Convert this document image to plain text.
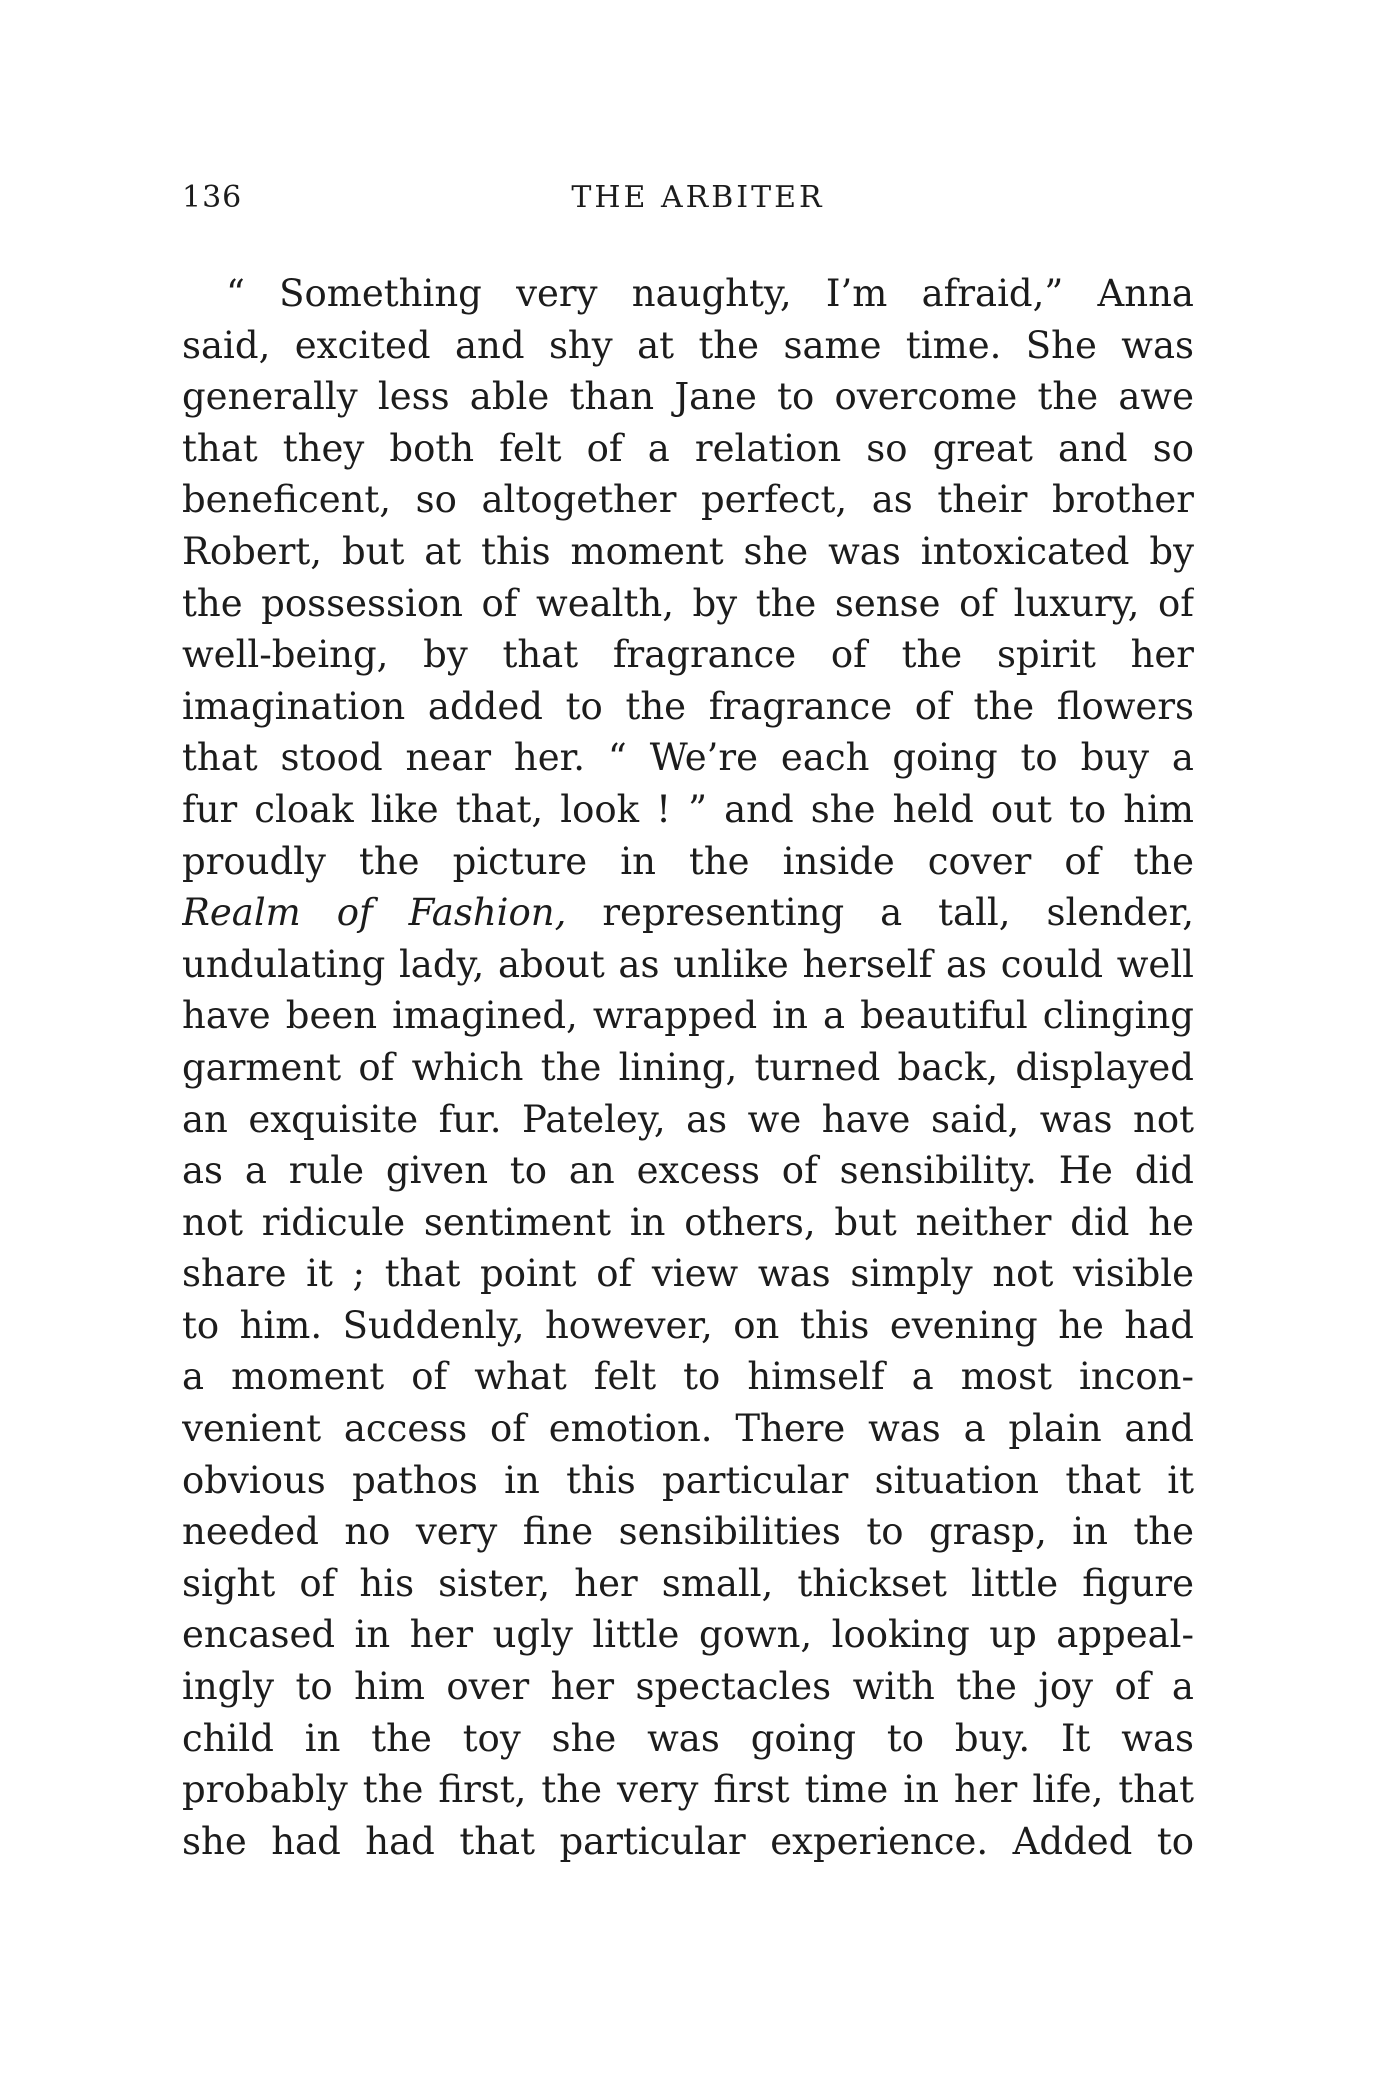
136	THE ARBITER
“ Something very naughty, I’m afraid,” Anna
said, excited and shy at the same time. She was
generally less able than Jane to overcome the awe
that they both felt of a relation so great and so
beneficent, so altogether perfect, as their brother
Robert, but at this moment she was intoxicated by
the possession of wealth, by the sense of luxury, of
well-being, by that fragrance of the spirit her
imagination added to the fragrance of the flowers
that stood near her. “ We’re each going to buy a
fur cloak like that, look ! ” and she held out to him
proudly the picture in the inside cover of the
Realm of Fashion, representing a tall, slender,
undulating lady, about as unlike herself as could well
have been imagined, wrapped in a beautiful clinging
garment of which the lining, turned back, displayed
an exquisite fur. Pateley, as we have said, was not
as a rule given to an excess of sensibility. He did
not ridicule sentiment in others, but neither did he
share it ; that point of view was simply not visible
to him. Suddenly, however, on this evening he had
a moment of what felt to himself a most incon-
venient access of emotion. There was a plain and
obvious pathos in this particular situation that it
needed no very fine sensibilities to grasp, in the
sight of his sister, her small, thickset little figure
encased in her ugly little gown, looking up appeal-
ingly to him over her spectacles with the joy of a
child in the toy she was going to buy. It was
probably the first, the very first time in her life, that
she had had that particular experience. Added to
